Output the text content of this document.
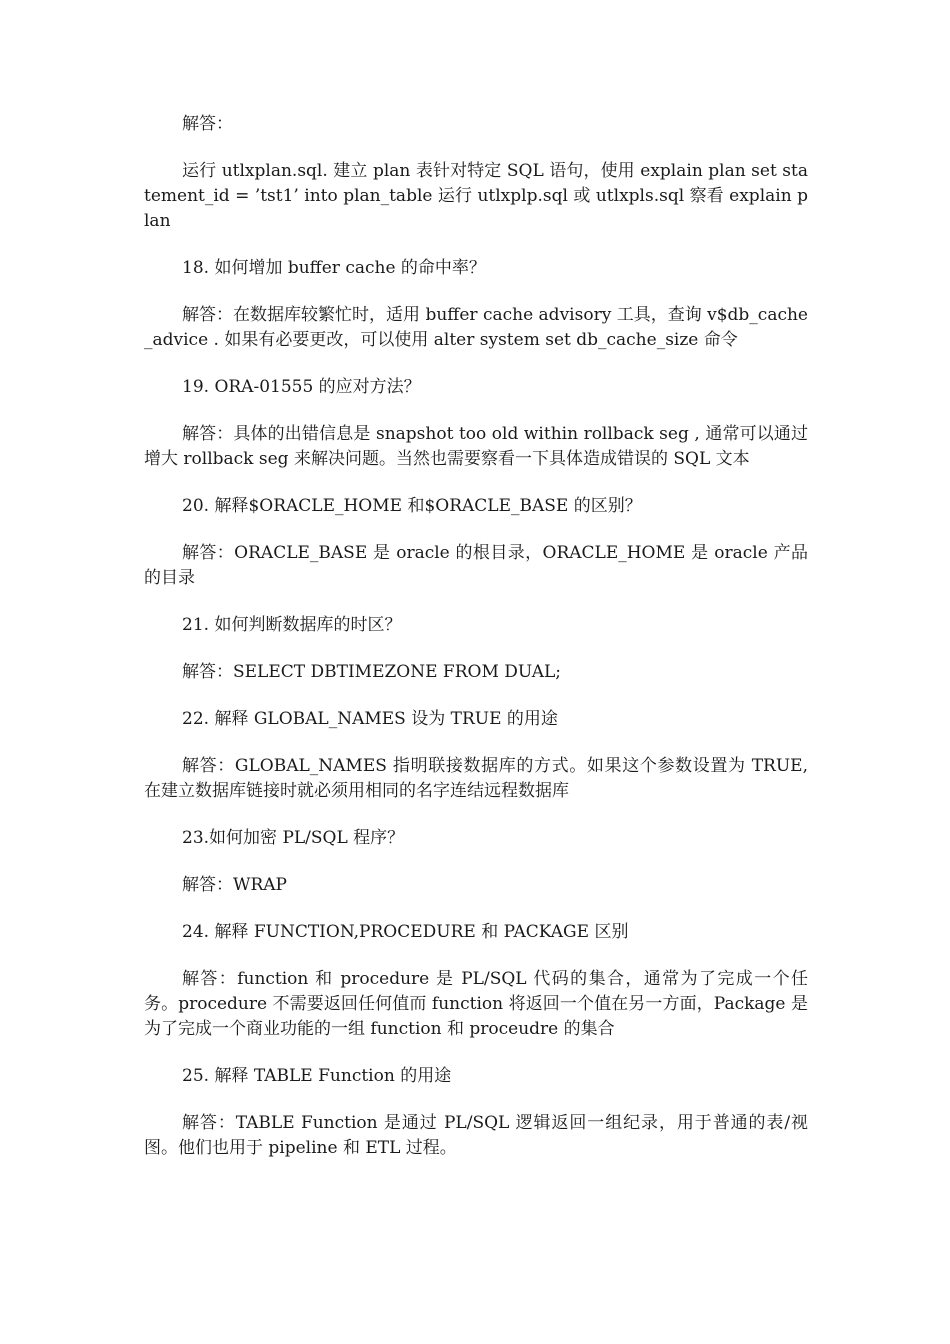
解答：

运行 utlxplan.sql. 建立 plan 表针对特定 SQL 语句，使用 explain plan set statement_id = ’tst1’ into plan_table 运行 utlxplp.sql 或 utlxpls.sql 察看 explain plan

18. 如何增加 buffer cache 的命中率？

解答：在数据库较繁忙时，适用 buffer cache advisory 工具，查询 v$db_cache_advice . 如果有必要更改，可以使用 alter system set db_cache_size 命令

19. ORA-01555 的应对方法？

解答：具体的出错信息是 snapshot too old within rollback seg , 通常可以通过增大 rollback seg 来解决问题。当然也需要察看一下具体造成错误的 SQL 文本

20. 解释$ORACLE_HOME 和$ORACLE_BASE 的区别？

解答：ORACLE_BASE 是 oracle 的根目录，ORACLE_HOME 是 oracle 产品的目录

21. 如何判断数据库的时区？

解答：SELECT DBTIMEZONE FROM DUAL;

22. 解释 GLOBAL_NAMES 设为 TRUE 的用途

解答：GLOBAL_NAMES 指明联接数据库的方式。如果这个参数设置为 TRUE, 在建立数据库链接时就必须用相同的名字连结远程数据库

23.如何加密 PL/SQL 程序？

解答：WRAP

24. 解释 FUNCTION,PROCEDURE 和 PACKAGE 区别

解答：function 和 procedure 是 PL/SQL 代码的集合，通常为了完成一个任务。procedure 不需要返回任何值而 function 将返回一个值在另一方面，Package 是为了完成一个商业功能的一组 function 和 proceudre 的集合

25. 解释 TABLE Function 的用途

解答：TABLE Function 是通过 PL/SQL 逻辑返回一组纪录，用于普通的表/视图。他们也用于 pipeline 和 ETL 过程。
